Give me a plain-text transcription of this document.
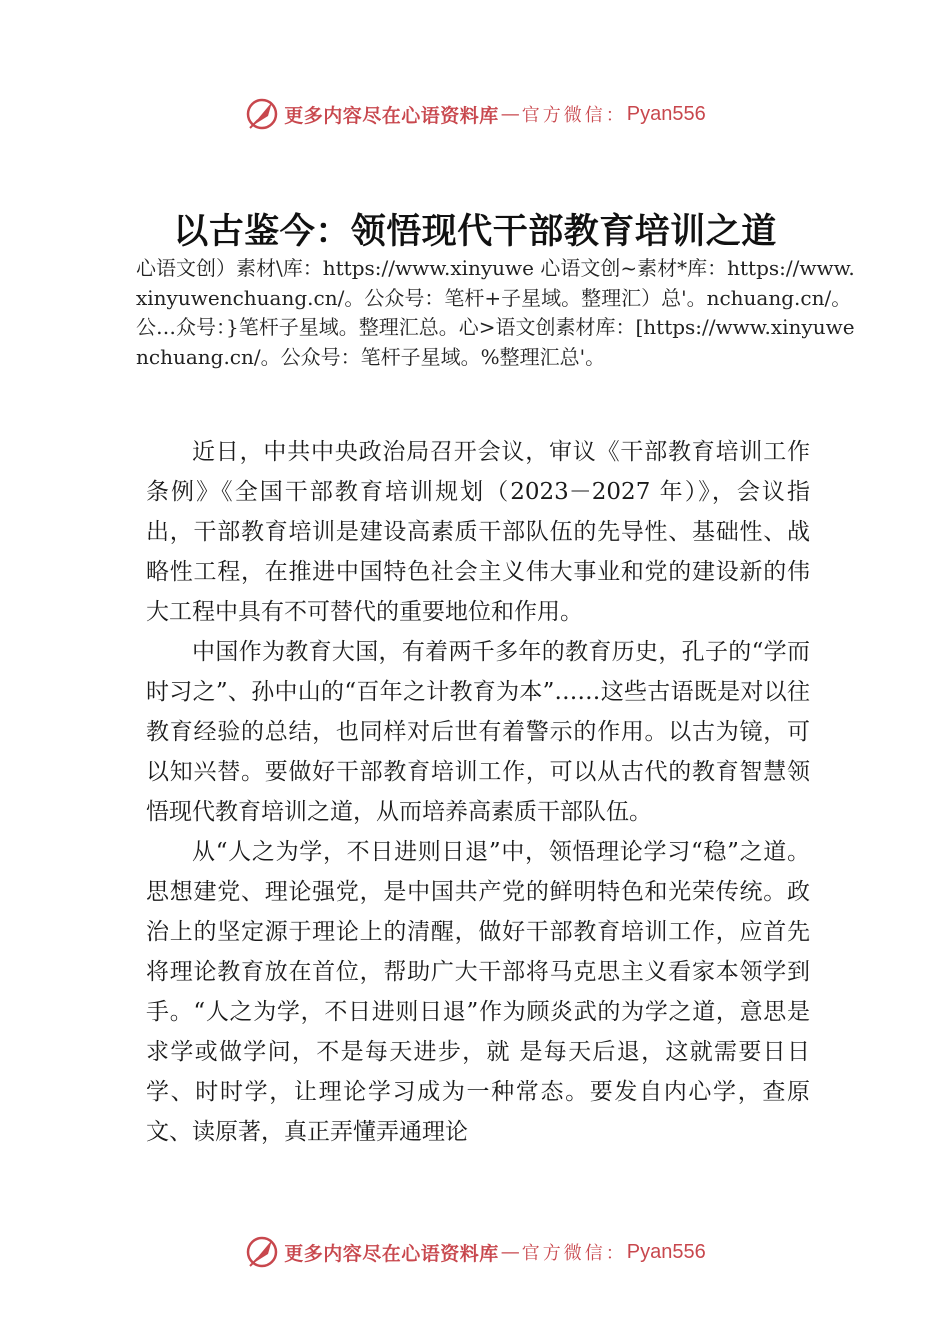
更多内容尽在心语资料库 — 官方微信： Pyan556
以古鉴今：领悟现代干部教育培训之道

心语文创）素材\库：https://www.xinyuwe 心语文创~素材*库：https://www.xinyuwenchuang.cn/。公众号：笔杆+子星域。整理汇）总'。nchuang.cn/。公…众号：}笔杆子星域。整理汇总。心>语文创素材库：[https://www.xinyuwenchuang.cn/。公众号：笔杆子星域。%整理汇总'。

近日，中共中央政治局召开会议，审议《干部教育培训工作条例》《全国干部教育培训规划（2023－2027 年）》，会议指出，干部教育培训是建设高素质干部队伍的先导性、基础性、战略性工程，在推进中国特色社会主义伟大事业和党的建设新的伟大工程中具有不可替代的重要地位和作用。

中国作为教育大国，有着两千多年的教育历史，孔子的“学而时习之”、孙中山的“百年之计教育为本”……这些古语既是对以往教育经验的总结，也同样对后世有着警示的作用。以古为镜，可以知兴替。要做好干部教育培训工作，可以从古代的教育智慧领悟现代教育培训之道，从而培养高素质干部队伍。

从“人之为学，不日进则日退”中，领悟理论学习“稳”之道。思想建党、理论强党，是中国共产党的鲜明特色和光荣传统。政治上的坚定源于理论上的清醒，做好干部教育培训工作，应首先将理论教育放在首位，帮助广大干部将马克思主义看家本领学到手。“人之为学，不日进则日退”作为顾炎武的为学之道，意思是求学或做学问，不是每天进步，就 是每天后退，这就需要日日学、时时学，让理论学习成为一种常态。要发自内心学，查原文、读原著，真正弄懂弄通理论

更多内容尽在心语资料库 — 官方微信： Pyan556
